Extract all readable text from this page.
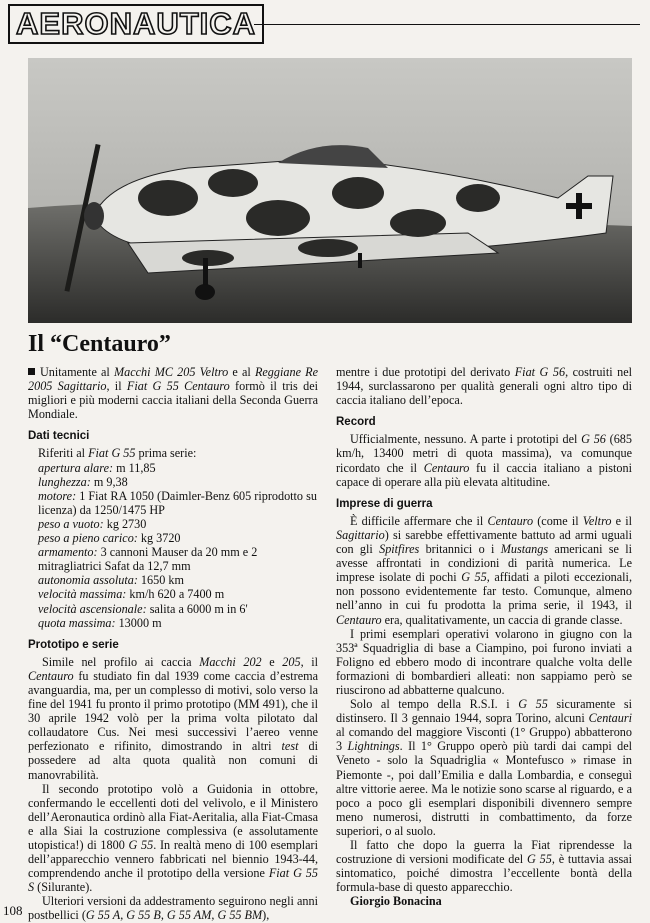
AERONAUTICA
Il “Centauro”

Unitamente al Macchi MC 205 Veltro e al Reggiane Re 2005 Sagittario, il Fiat G 55 Centauro formò il tris dei migliori e più moderni caccia italiani della Seconda Guerra Mondiale.

Dati tecnici

Riferiti al Fiat G 55 prima serie:

apertura alare: m 11,85
lunghezza: m 9,38
motore: 1 Fiat RA 1050 (Daimler-Benz 605 riprodotto su licenza) da 1250/1475 HP
peso a vuoto: kg 2730
peso a pieno carico: kg 3720
armamento: 3 cannoni Mauser da 20 mm e 2 mitragliatrici Safat da 12,7 mm
autonomia assoluta: 1650 km
velocità massima: km/h 620 a 7400 m
velocità ascensionale: salita a 6000 m in 6'
quota massima: 13000 m
Prototipo e serie

Simile nel profilo ai caccia Macchi 202 e 205, il Centauro fu studiato fin dal 1939 come caccia d’estrema avanguardia, ma, per un complesso di motivi, solo verso la fine del 1941 fu pronto il primo prototipo (MM 491), che il 30 aprile 1942 volò per la prima volta pilotato dal collaudatore Cus. Nei mesi successivi l’aereo venne perfezionato e rifinito, dimostrando in altri test di possedere ad alta quota qualità non comuni di manovrabilità.

Il secondo prototipo volò a Guidonia in ottobre, confermando le eccellenti doti del velivolo, e il Ministero dell’Aeronautica ordinò alla Fiat-Aeritalia, alla Fiat-Cmasa e alla Siai la costruzione complessiva (e assolutamente utopistica!) di 1800 G 55. In realtà meno di 100 esemplari dell’apparecchio vennero fabbricati nel biennio 1943-44, comprendendo anche il prototipo della versione Fiat G 55 S (Silurante).

Ulteriori versioni da addestramento seguirono negli anni postbellici (G 55 A, G 55 B, G 55 AM, G 55 BM),

mentre i due prototipi del derivato Fiat G 56, costruiti nel 1944, surclassarono per qualità generali ogni altro tipo di caccia italiano dell’epoca.

Record

Ufficialmente, nessuno. A parte i prototipi del G 56 (685 km/h, 13400 metri di quota massima), va comunque ricordato che il Centauro fu il caccia italiano a pistoni capace di operare alla più elevata altitudine.

Imprese di guerra

È difficile affermare che il Centauro (come il Veltro e il Sagittario) si sarebbe effettivamente battuto ad armi uguali con gli Spitfires britannici o i Mustangs americani se li avesse affrontati in condizioni di parità numerica. Le imprese isolate di pochi G 55, affidati a piloti eccezionali, non possono evidentemente far testo. Comunque, almeno nell’anno in cui fu prodotta la prima serie, il 1943, il Centauro era, qualitativamente, un caccia di grande classe.

I primi esemplari operativi volarono in giugno con la 353ª Squadriglia di base a Ciampino, poi furono inviati a Foligno ed ebbero modo di incontrare qualche volta delle formazioni di bombardieri alleati: non sappiamo però se riuscirono ad abbatterne qualcuno.

Solo al tempo della R.S.I. i G 55 sicuramente si distinsero. Il 3 gennaio 1944, sopra Torino, alcuni Centauri al comando del maggiore Visconti (1° Gruppo) abbatterono 3 Lightnings. Il 1° Gruppo operò più tardi dai campi del Veneto - solo la Squadriglia « Montefusco » rimase in Piemonte -, poi dall’Emilia e dalla Lombardia, e conseguì altre vittorie aeree. Ma le notizie sono scarse al riguardo, e a poco a poco gli esemplari disponibili divennero sempre meno numerosi, distrutti in combattimento, da forze superiori, o al suolo.

Il fatto che dopo la guerra la Fiat riprendesse la costruzione di versioni modificate del G 55, è tuttavia assai sintomatico, poiché dimostra l’eccellente bontà della formula-base di questo apparecchio.

Giorgio Bonacina

108
